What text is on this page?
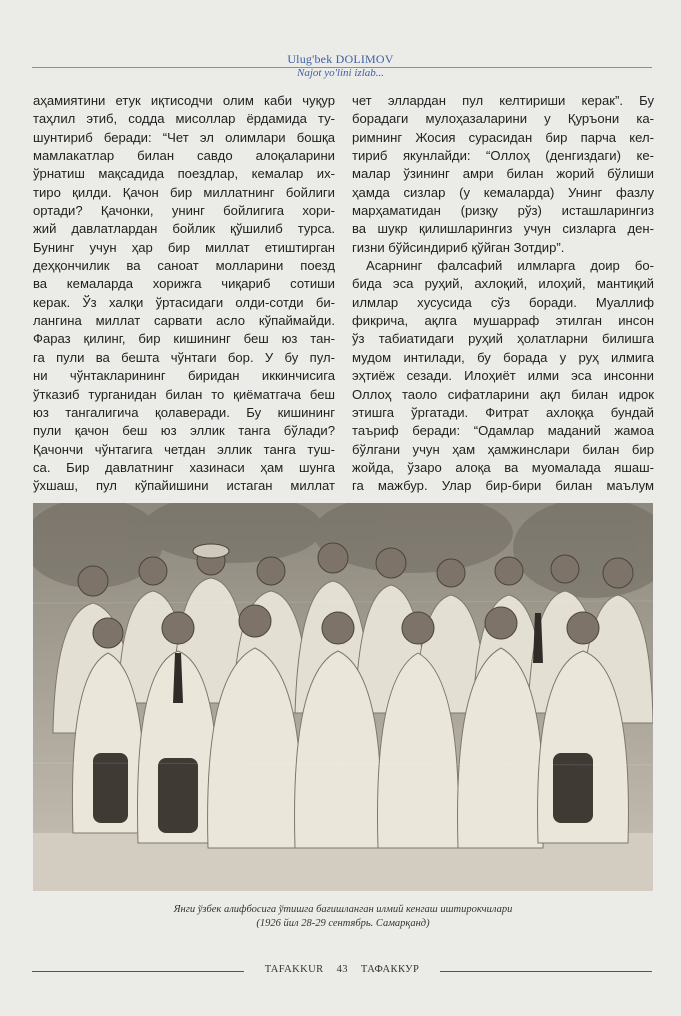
Ulug'bek DOLIMOV
Najot yo'lini izlab...

аҳамиятини етук иқтисодчи олим каби чуқур
таҳлил этиб, содда мисоллар ёрдамида ту-
шунтириб беради: “Чет эл олимлари бошқа
мамлакатлар билан савдо алоқаларини
ўрнатиш мақсадида поездлар, кемалар их-
тиро қилди. Қачон бир миллатнинг бойлиги
ортади? Қачонки, унинг бойлигига хори-
жий давлатлардан бойлик қўшилиб турса.
Бунинг учун ҳар бир миллат етиштирган
деҳқончилик ва саноат молларини поезд
ва кемаларда хорижга чиқариб сотиши
керак. Ўз халқи ўртасидаги олди-сотди би-
лангина миллат сарвати асло кўпаймайди.
Фараз қилинг, бир кишининг беш юз тан-
га пули ва бешта чўнтаги бор. У бу пул-
ни чўнтакларининг биридан иккинчисига
ўтказиб турганидан билан то қиёматгача беш
юз тангалигича қолаверади. Бу кишининг
пули қачон беш юз эллик танга бўлади?
Қачончи чўнтагига четдан эллик танга туш-
са. Бир давлатнинг хазинаси ҳам шунга
ўхшаш, пул кўпайишини истаган миллат

чет эллардан пул келтириши керак”. Бу
борадаги мулоҳазаларини у Қуръони ка-
римнинг Жосия сурасидан бир парча кел-
тириб якунлайди: “Оллоҳ (денгиздаги) ке-
малар ўзининг амри билан жорий бўлиши
ҳамда сизлар (у кемаларда) Унинг фазлу
марҳаматидан (ризқу рўз) исташларингиз
ва шукр қилишларингиз учун сизларга ден-
гизни бўйсиндириб қўйган Зотдир”.

Асарнинг фалсафий илмларга доир бо-
бида эса руҳий, ахлоқий, илоҳий, мантиқий
илмлар хусусида сўз боради. Муаллиф
фикрича, ақлга мушарраф этилган инсон
ўз табиатидаги руҳий ҳолатларни билишга
мудом интилади, бу борада у руҳ илмига
эҳтиёж сезади. Илоҳиёт илми эса инсонни
Оллоҳ таоло сифатларини ақл билан идрок
этишга ўргатади. Фитрат ахлоққа бундай
таъриф беради: “Одамлар маданий жамоа
бўлгани учун ҳам ҳамжинслари билан бир
жойда, ўзаро алоқа ва муомалада яшаш-
га мажбур. Улар бир-бири билан маълум

Янги ўзбек алифбосига ўтишга бағишланган илмий кенгаш иштирокчилари
(1926 йил 28-29 сентябрь. Самарқанд)
TAFAKKUR 43 ТАФАККУР
